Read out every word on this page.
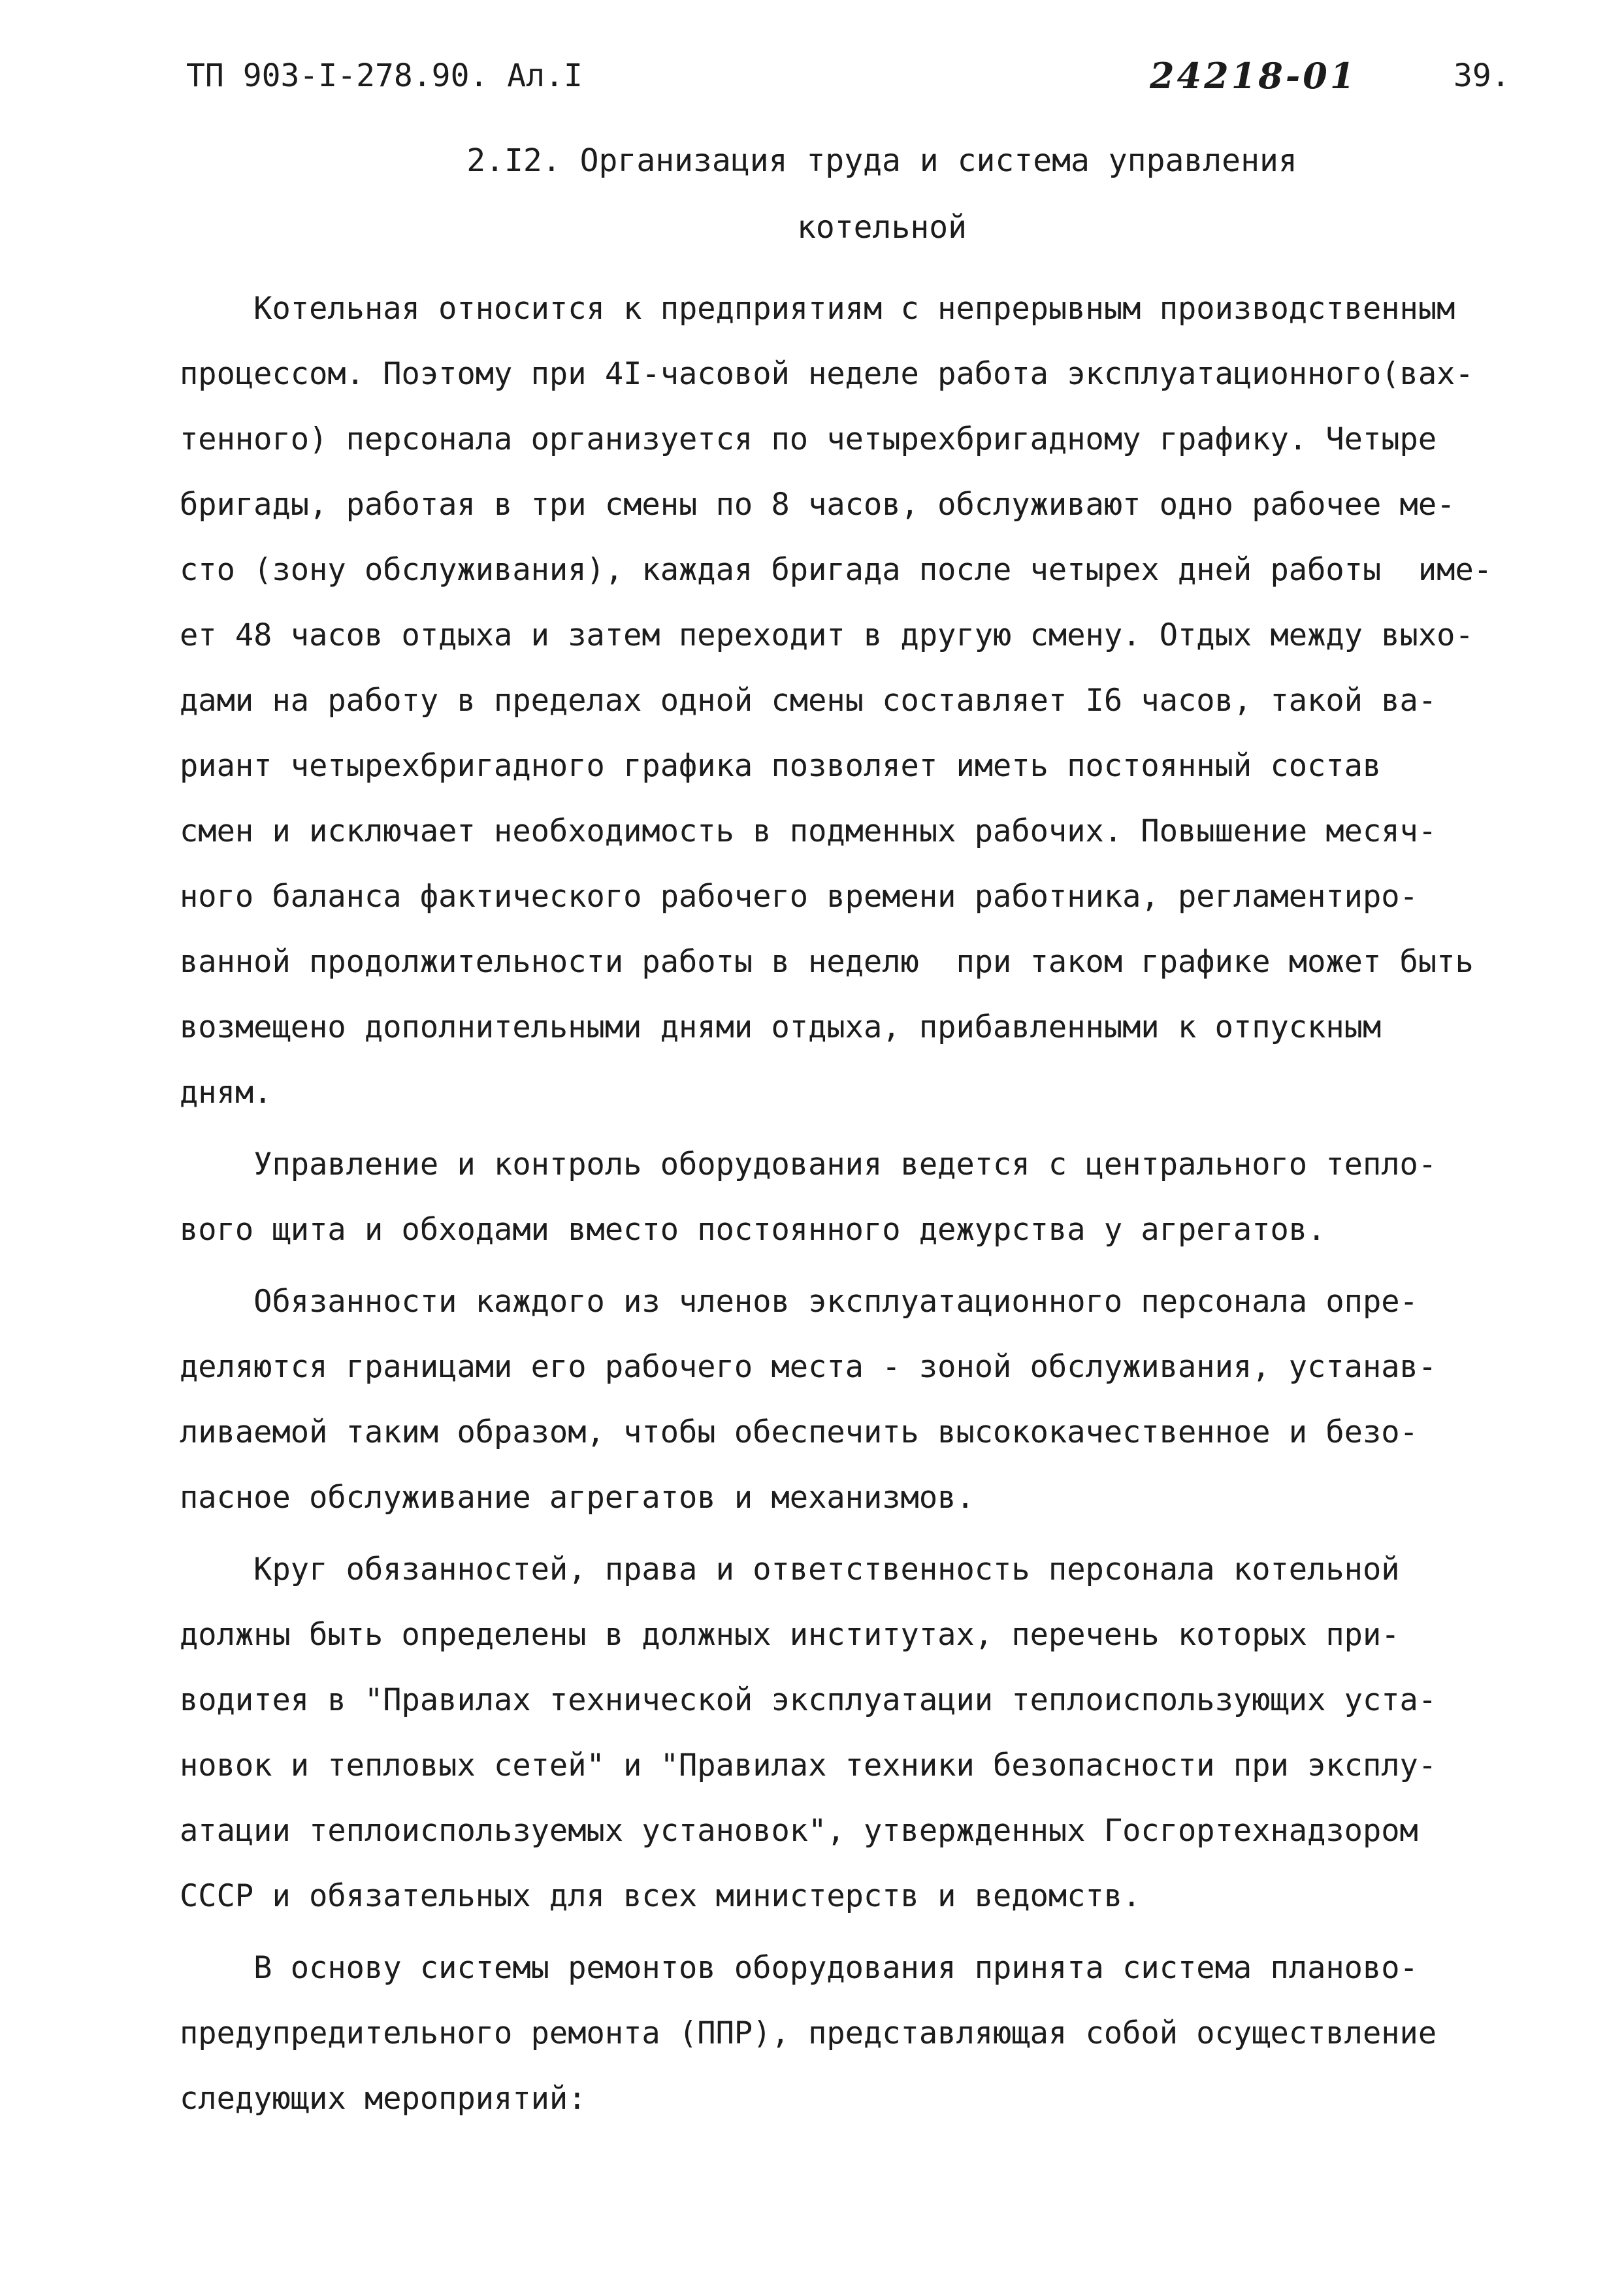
ТП 903-I-278.90. Ал.I	24218-01	39.
2.I2. Организация труда и система управления
котельной
Котельная относится к предприятиям с непрерывным производственным
процессом. Поэтому при 4I-часовой неделе работа эксплуатационного(вах-
тенного) персонала организуется по четырехбригадному графику. Четыре
бригады, работая в три смены по 8 часов, обслуживают одно рабочее ме-
сто (зону обслуживания), каждая бригада после четырех дней работы  име-
ет 48 часов отдыха и затем переходит в другую смену. Отдых между выхо-
дами на работу в пределах одной смены составляет I6 часов, такой ва-
риант четырехбригадного графика позволяет иметь постоянный состав
смен и исключает необходимость в подменных рабочих. Повышение месяч-
ного баланса фактического рабочего времени работника, регламентиро-
ванной продолжительности работы в неделю  при таком графике может быть
возмещено дополнительными днями отдыха, прибавленными к отпускным
дням.
Управление и контроль оборудования ведется с центрального тепло-
вого щита и обходами вместо постоянного дежурства у агрегатов.
Обязанности каждого из членов эксплуатационного персонала опре-
деляются границами его рабочего места - зоной обслуживания, устанав-
ливаемой таким образом, чтобы обеспечить высококачественное и безо-
пасное обслуживание агрегатов и механизмов.
Круг обязанностей, права и ответственность персонала котельной
должны быть определены в должных институтах, перечень которых при-
водитея в "Правилах технической эксплуатации теплоиспользующих уста-
новок и тепловых сетей" и "Правилах техники безопасности при эксплу-
атации теплоиспользуемых установок", утвержденных Госгортехнадзором
СССР и обязательных для всех министерств и ведомств.
В основу системы ремонтов оборудования принята система планово-
предупредительного ремонта (ППР), представляющая собой осуществление
следующих мероприятий:
